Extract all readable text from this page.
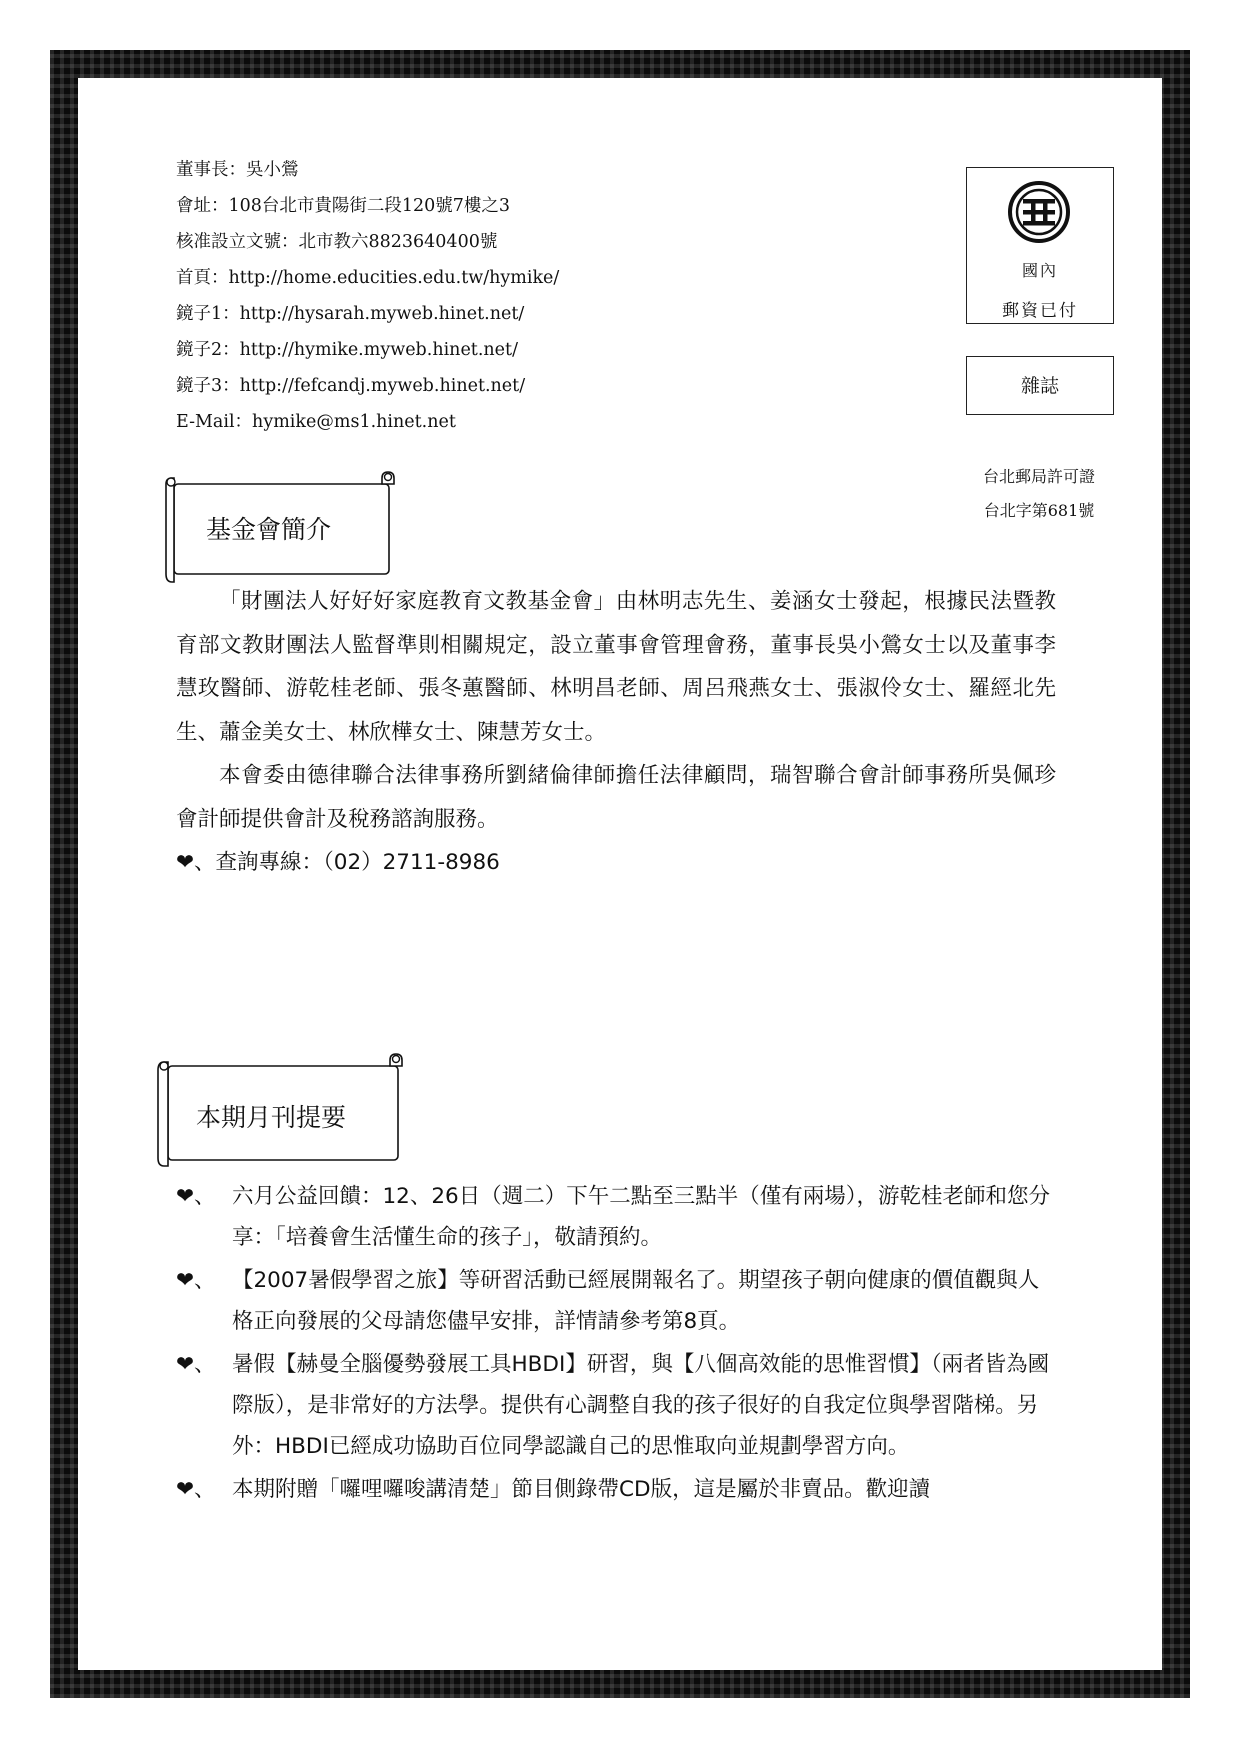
董事長：吳小鶯
會址：108台北市貴陽街二段120號7樓之3
核准設立文號：北市教六8823640400號
首頁：http://home.educities.edu.tw/hymike/
鏡子1：http://hysarah.myweb.hinet.net/
鏡子2：http://hymike.myweb.hinet.net/
鏡子3：http://fefcandj.myweb.hinet.net/
E-Mail：hymike@ms1.hinet.net
國內
郵資已付
雜誌
台北郵局許可證
台北字第681號
基金會簡介

「財團法人好好好家庭教育文教基金會」由林明志先生、姜涵女士發起，根據民法暨教育部文教財團法人監督準則相關規定，設立董事會管理會務，董事長吳小鶯女士以及董事李慧玫醫師、游乾桂老師、張冬蕙醫師、林明昌老師、周呂飛燕女士、張淑伶女士、羅經北先生、蕭金美女士、林欣樺女士、陳慧芳女士。

本會委由德律聯合法律事務所劉緒倫律師擔任法律顧問，瑞智聯合會計師事務所吳佩珍會計師提供會計及稅務諮詢服務。

❤、查詢專線：（02）2711-8986
本期月刊提要
❤、 六月公益回饋：12、26日（週二）下午二點至三點半（僅有兩場），游乾桂老師和您分享：「培養會生活懂生命的孩子」，敬請預約。
❤、 【2007暑假學習之旅】等研習活動已經展開報名了。期望孩子朝向健康的價值觀與人格正向發展的父母請您儘早安排，詳情請參考第8頁。
❤、 暑假【赫曼全腦優勢發展工具HBDI】研習，與【八個高效能的思惟習慣】（兩者皆為國際版），是非常好的方法學。提供有心調整自我的孩子很好的自我定位與學習階梯。另外：HBDI已經成功協助百位同學認識自己的思惟取向並規劃學習方向。
❤、 本期附贈「囉哩囉唆講清楚」節目側錄帶CD版，這是屬於非賣品。歡迎讀
